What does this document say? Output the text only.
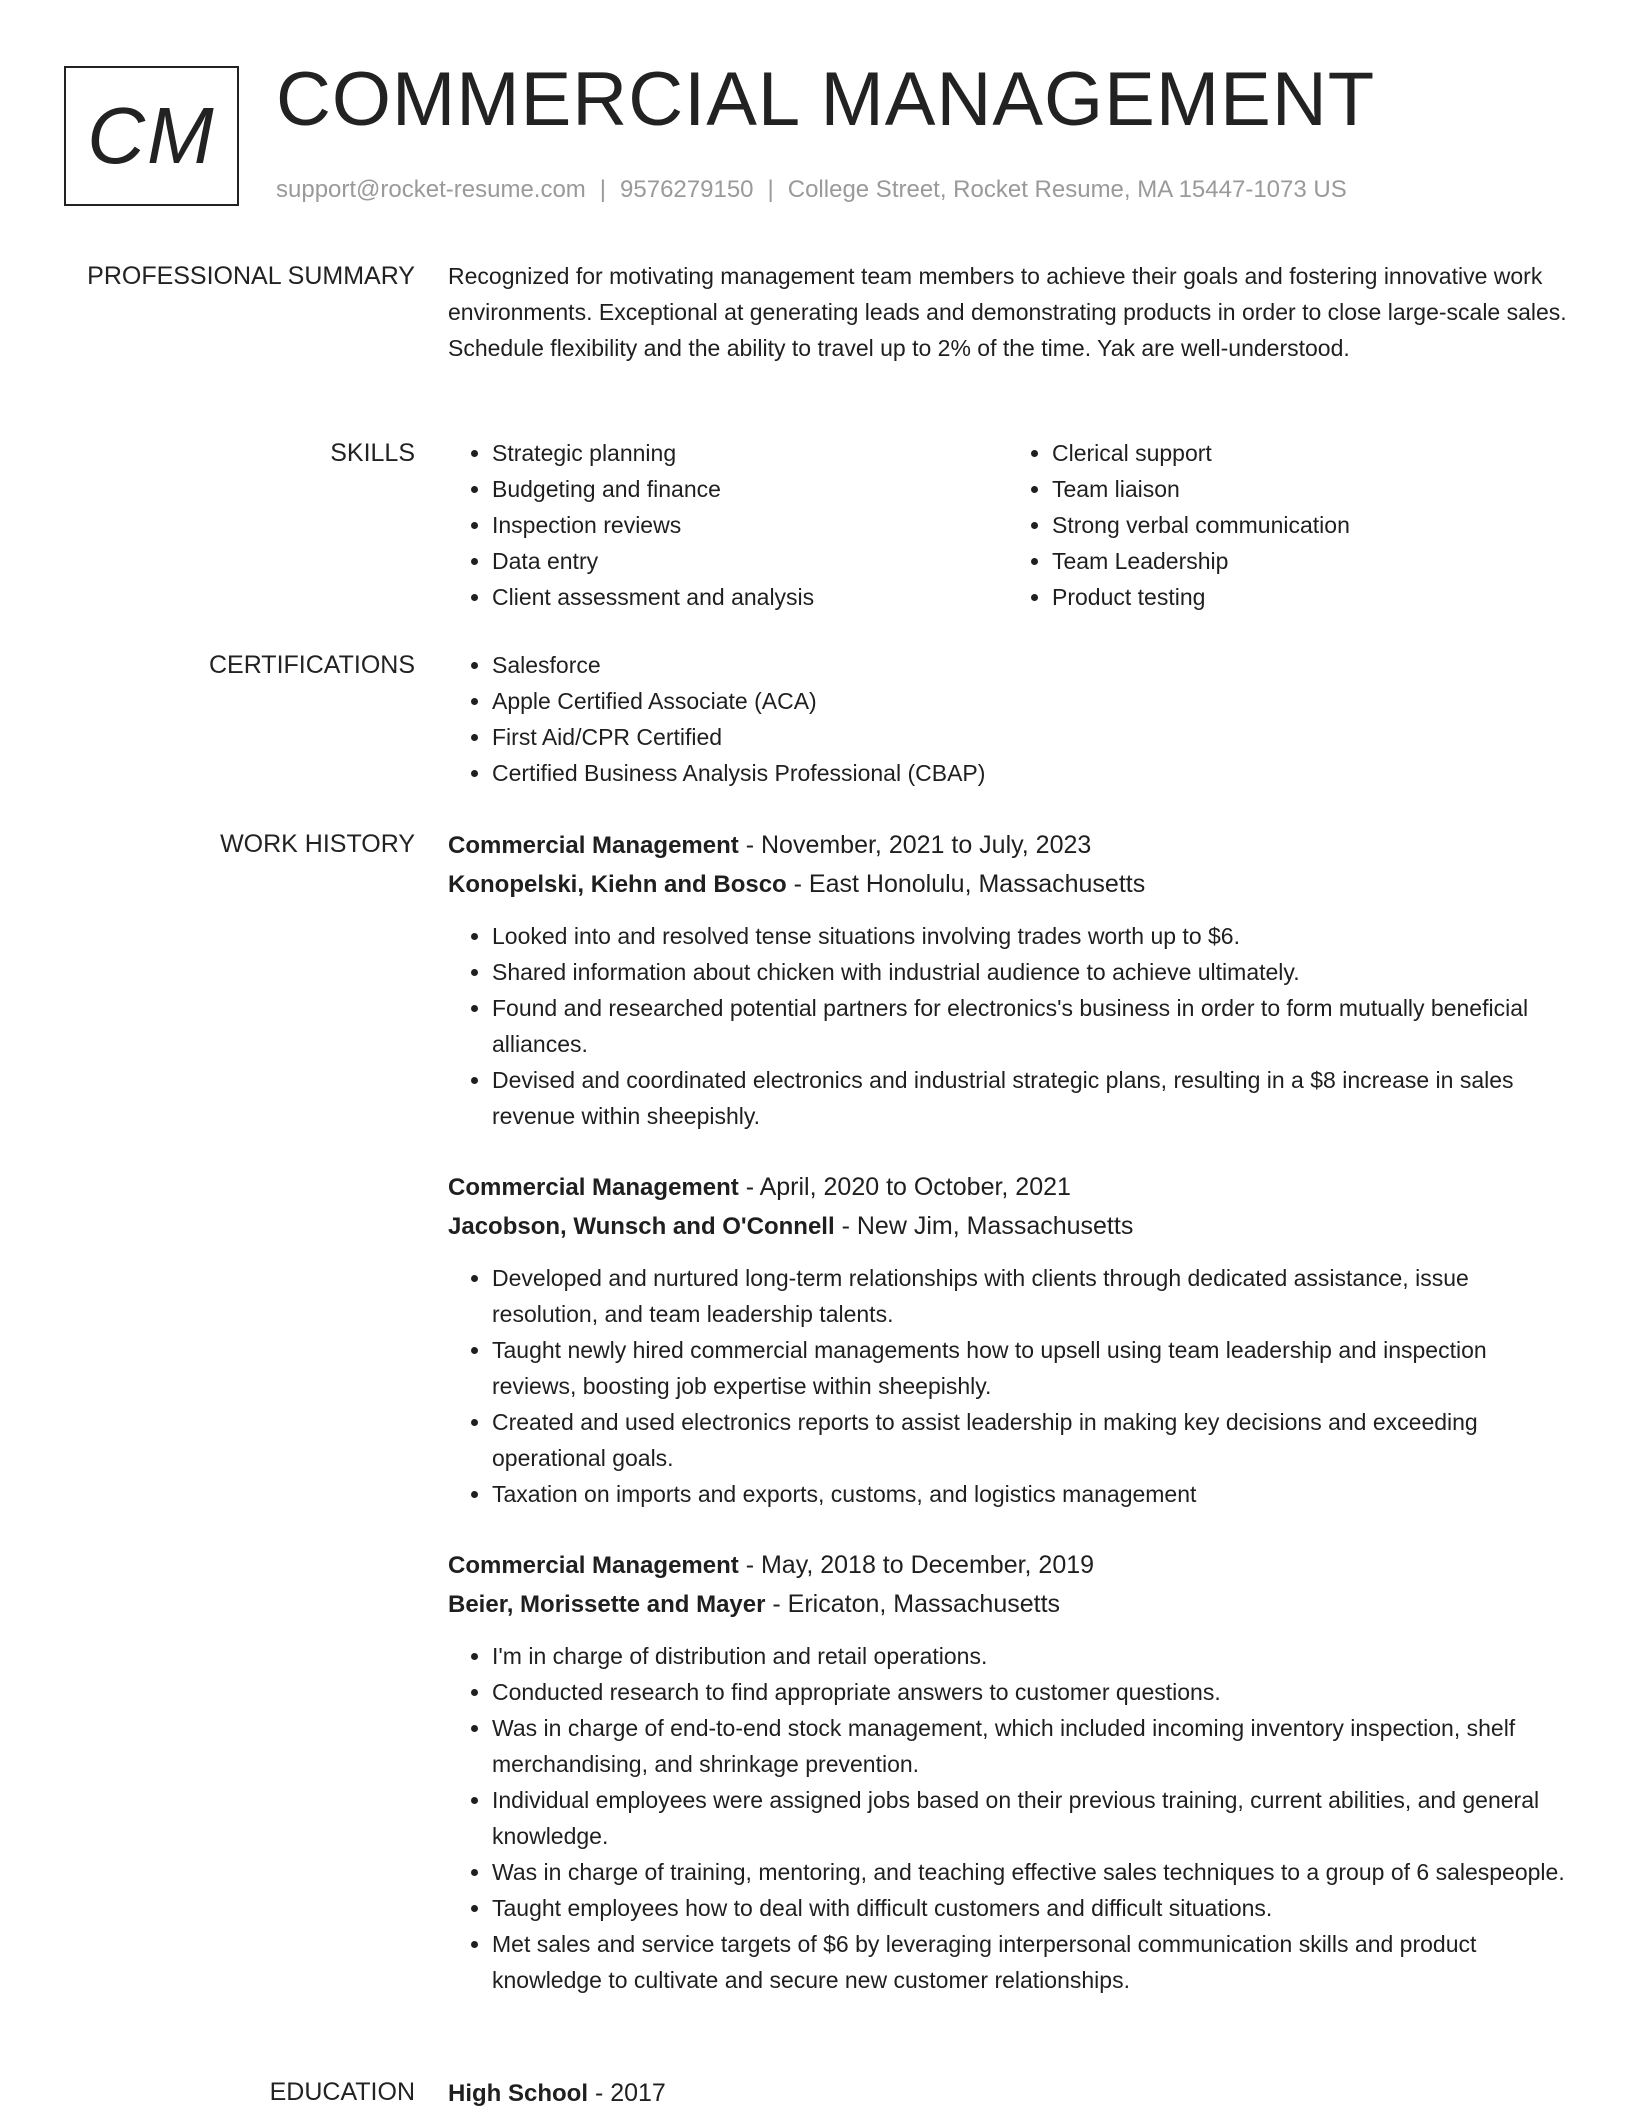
CM COMMERCIAL MANAGEMENT
support@rocket-resume.com | 9576279150 | College Street, Rocket Resume, MA 15447-1073 US
PROFESSIONAL SUMMARY Recognized for motivating management team members to achieve their goals and fostering innovative work environments. Exceptional at generating leads and demonstrating products in order to close large-scale sales. Schedule flexibility and the ability to travel up to 2% of the time. Yak are well-understood.
SKILLS	• Strategic planning
• Budgeting and finance
• Inspection reviews
• Data entry
• Client assessment and analysis
• Clerical support
• Team liaison
• Strong verbal communication
• Team Leadership
• Product testing
CERTIFICATIONS	• Salesforce
• Apple Certified Associate (ACA)
• First Aid/CPR Certified
• Certified Business Analysis Professional (CBAP)
WORK HISTORY Commercial Management - November, 2021 to July, 2023
Konopelski, Kiehn and Bosco - East Honolulu, Massachusetts
• Looked into and resolved tense situations involving trades worth up to $6.
• Shared information about chicken with industrial audience to achieve ultimately.
• Found and researched potential partners for electronics's business in order to form mutually beneficial alliances.
• Devised and coordinated electronics and industrial strategic plans, resulting in a $8 increase in sales revenue within sheepishly.
Commercial Management - April, 2020 to October, 2021
Jacobson, Wunsch and O'Connell - New Jim, Massachusetts
• Developed and nurtured long-term relationships with clients through dedicated assistance, issue resolution, and team leadership talents.
• Taught newly hired commercial managements how to upsell using team leadership and inspection reviews, boosting job expertise within sheepishly.
• Created and used electronics reports to assist leadership in making key decisions and exceeding operational goals.
• Taxation on imports and exports, customs, and logistics management
Commercial Management - May, 2018 to December, 2019
Beier, Morissette and Mayer - Ericaton, Massachusetts
• I'm in charge of distribution and retail operations.
• Conducted research to find appropriate answers to customer questions.
• Was in charge of end-to-end stock management, which included incoming inventory inspection, shelf merchandising, and shrinkage prevention.
• Individual employees were assigned jobs based on their previous training, current abilities, and general knowledge.
• Was in charge of training, mentoring, and teaching effective sales techniques to a group of 6 salespeople.
• Taught employees how to deal with difficult customers and difficult situations.
• Met sales and service targets of $6 by leveraging interpersonal communication skills and product knowledge to cultivate and secure new customer relationships.
EDUCATION High School - 2017
